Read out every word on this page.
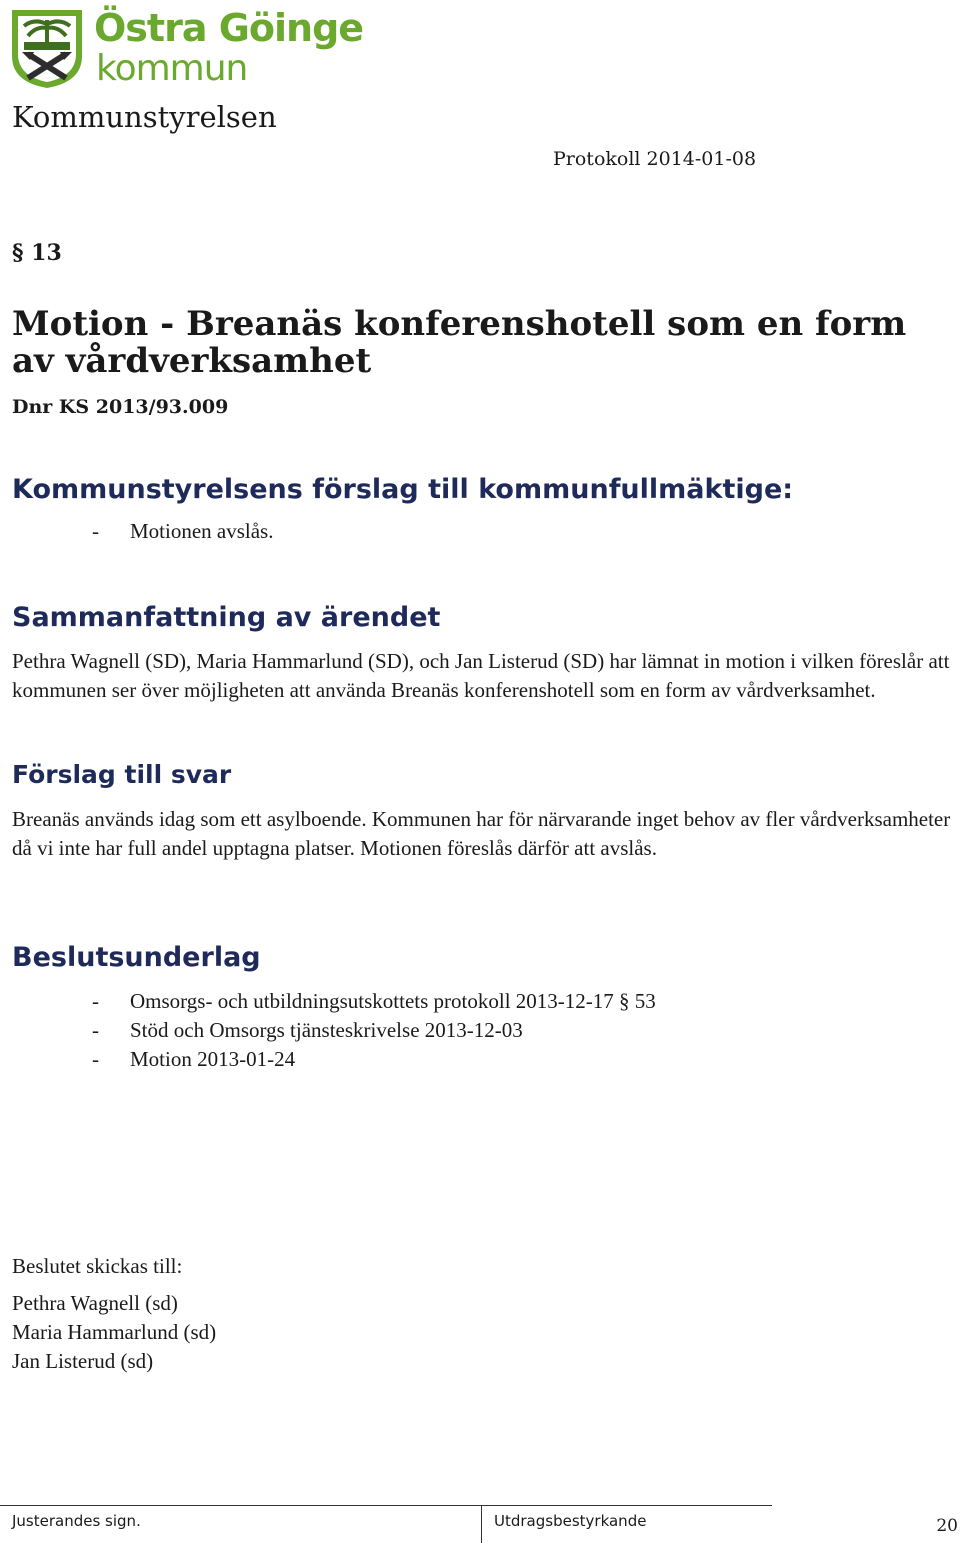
Östra Göinge
kommun
Kommunstyrelsen
Protokoll 2014-01-08
§ 13
Motion - Breanäs konferenshotell som en form av vårdverksamhet
Dnr KS 2013/93.009
Kommunstyrelsens förslag till kommunfullmäktige:
- Motionen avslås.
Sammanfattning av ärendet
Pethra Wagnell (SD), Maria Hammarlund (SD), och Jan Listerud (SD) har lämnat in motion i vilken föreslår att kommunen ser över möjligheten att använda Breanäs konferenshotell som en form av vårdverksamhet.
Förslag till svar
Breanäs används idag som ett asylboende. Kommunen har för närvarande inget behov av fler vårdverksamheter då vi inte har full andel upptagna platser. Motionen föreslås därför att avslås.
Beslutsunderlag
- Omsorgs- och utbildningsutskottets protokoll 2013-12-17 § 53
- Stöd och Omsorgs tjänsteskrivelse 2013-12-03
- Motion 2013-01-24
Beslutet skickas till:
Pethra Wagnell (sd)
Maria Hammarlund (sd)
Jan Listerud (sd)
Justerandes sign.	Utdragsbestyrkande	20
